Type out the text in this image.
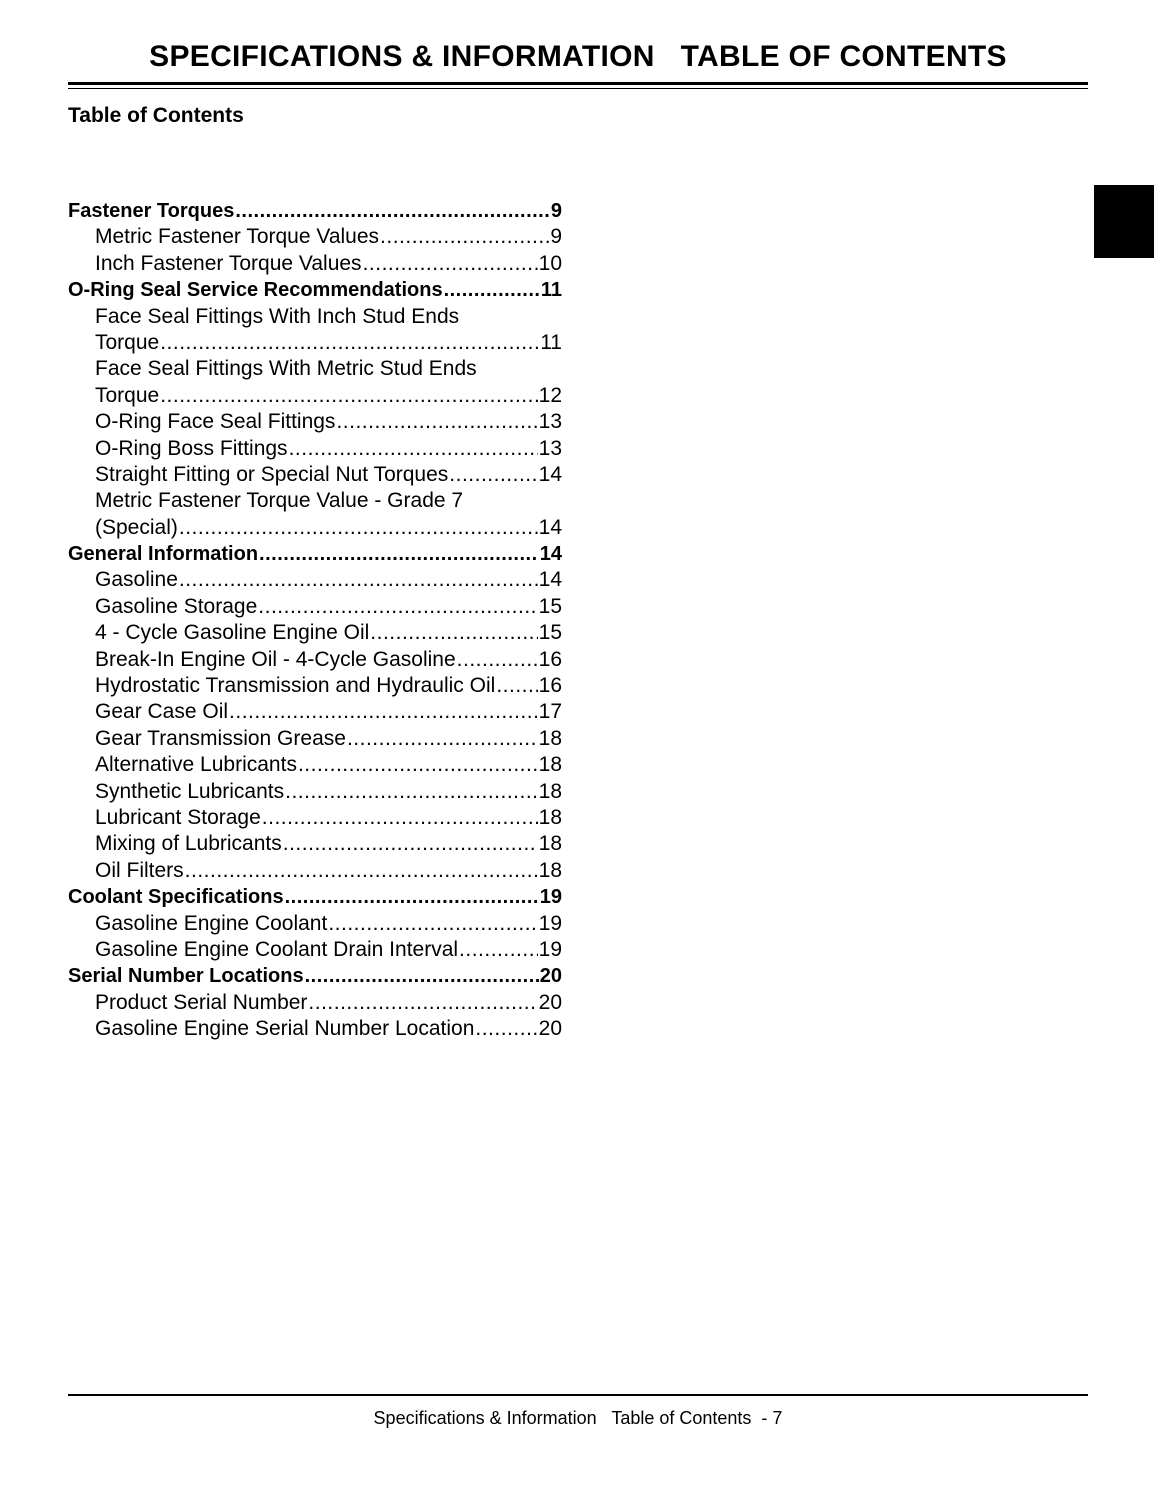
SPECIFICATIONS & INFORMATION   TABLE OF CONTENTS
Table of Contents
Fastener Torques .....	9
Metric Fastener Torque Values .....	9
Inch Fastener Torque Values .....	10
O-Ring Seal Service Recommendations .....	11
Face Seal Fittings With Inch Stud Ends
Torque .....	11
Face Seal Fittings With Metric Stud Ends
Torque .....	12
O-Ring Face Seal Fittings .....	13
O-Ring Boss Fittings .....	13
Straight Fitting or Special Nut Torques .....	14
Metric Fastener Torque Value - Grade 7
(Special) .....	14
General Information .....	14
Gasoline .....	14
Gasoline Storage .....	15
4 - Cycle Gasoline Engine Oil .....	15
Break-In Engine Oil - 4-Cycle Gasoline .....	16
Hydrostatic Transmission and Hydraulic Oil ..... 16
Gear Case Oil .....	17
Gear Transmission Grease .....	18
Alternative Lubricants .....	18
Synthetic Lubricants .....	18
Lubricant Storage .....	18
Mixing of Lubricants .....	18
Oil Filters .....	18
Coolant Specifications .....	19
Gasoline Engine Coolant .....	19
Gasoline Engine Coolant Drain Interval .....	19
Serial Number Locations .....	20
Product Serial Number .....	20
Gasoline Engine Serial Number Location .....	20
Specifications & Information   Table of Contents  - 7
